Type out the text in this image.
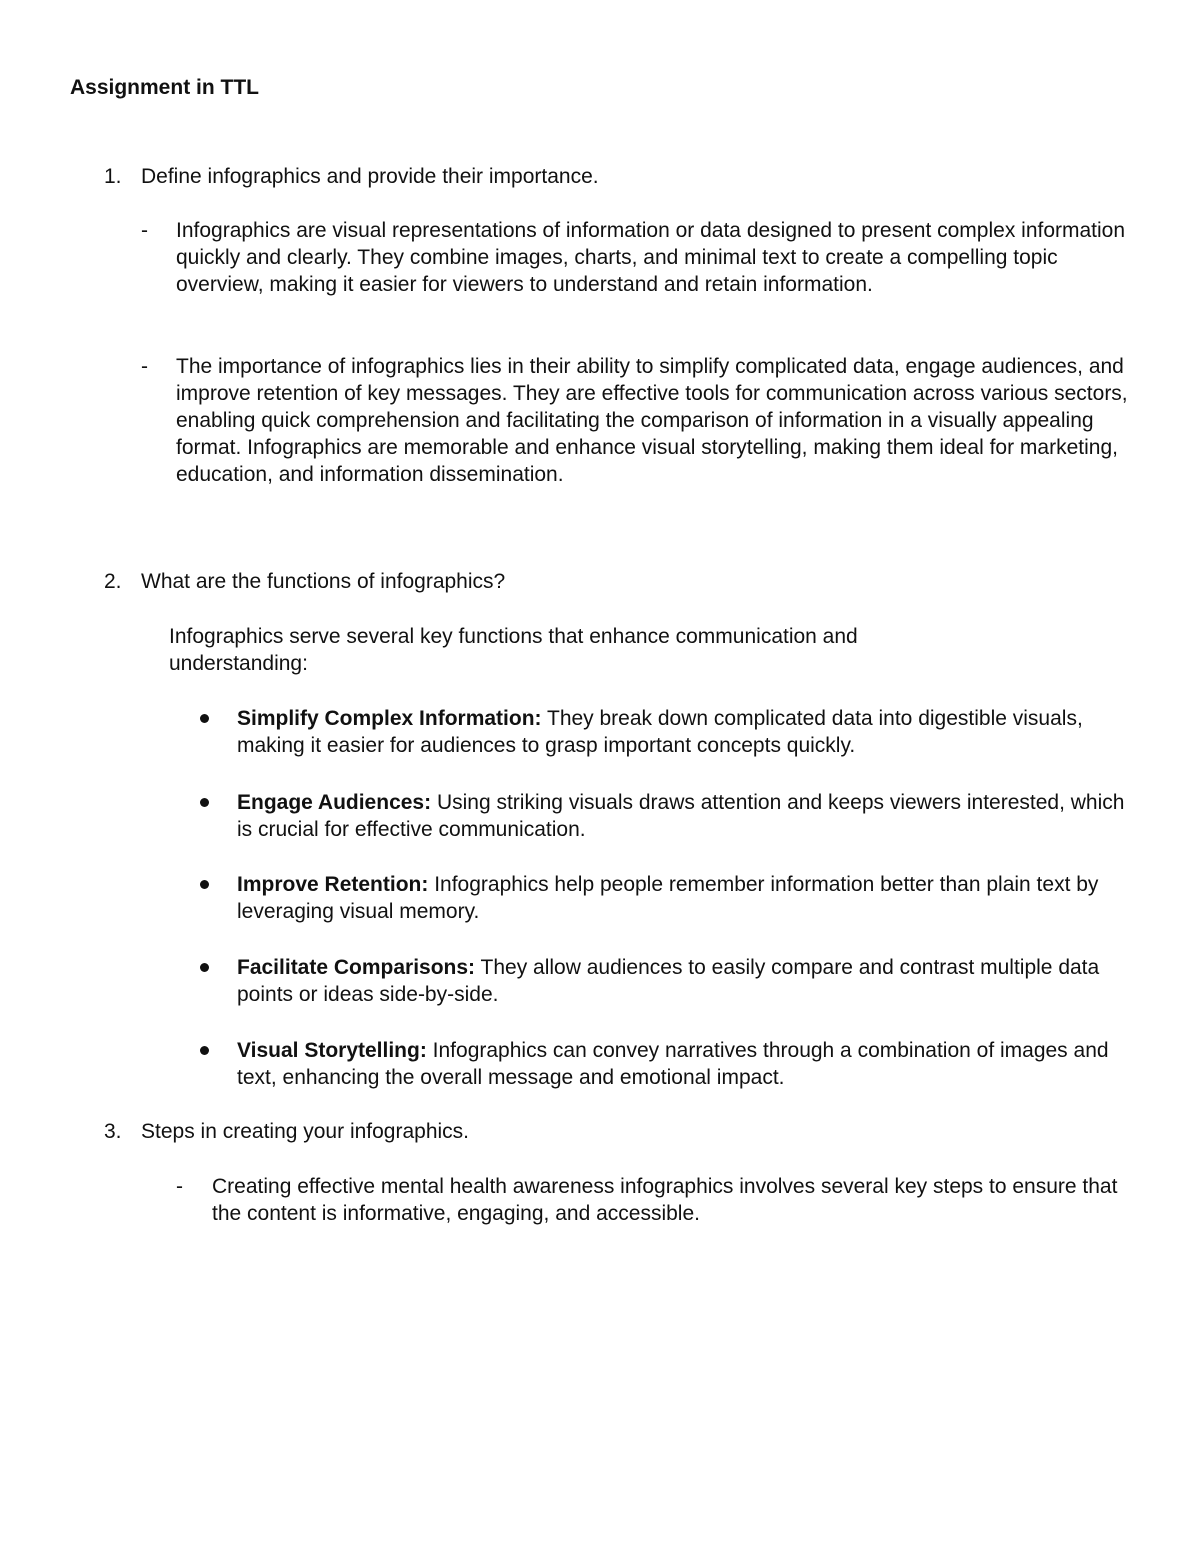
Assignment in TTL
1. Define infographics and provide their importance.
- Infographics are visual representations of information or data designed to present complex information quickly and clearly. They combine images, charts, and minimal text to create a compelling topic overview, making it easier for viewers to understand and retain information.
- The importance of infographics lies in their ability to simplify complicated data, engage audiences, and improve retention of key messages. They are effective tools for communication across various sectors, enabling quick comprehension and facilitating the comparison of information in a visually appealing format. Infographics are memorable and enhance visual storytelling, making them ideal for marketing, education, and information dissemination.
2. What are the functions of infographics?
Infographics serve several key functions that enhance communication and understanding:
Simplify Complex Information: They break down complicated data into digestible visuals, making it easier for audiences to grasp important concepts quickly.
Engage Audiences: Using striking visuals draws attention and keeps viewers interested, which is crucial for effective communication.
Improve Retention: Infographics help people remember information better than plain text by leveraging visual memory.
Facilitate Comparisons: They allow audiences to easily compare and contrast multiple data points or ideas side-by-side.
Visual Storytelling: Infographics can convey narratives through a combination of images and text, enhancing the overall message and emotional impact.
3. Steps in creating your infographics.
- Creating effective mental health awareness infographics involves several key steps to ensure that the content is informative, engaging, and accessible.
